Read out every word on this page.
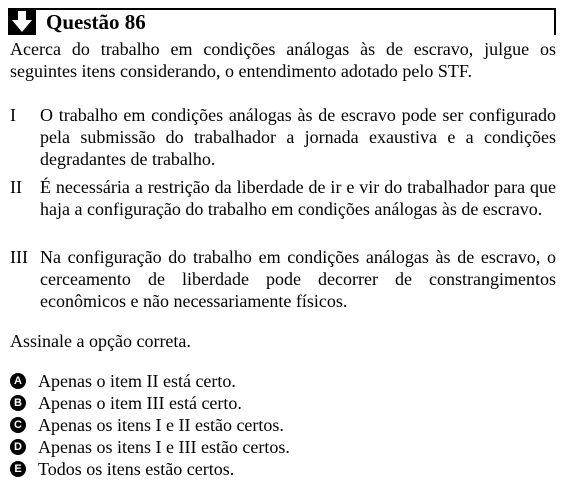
Questão 86
Acerca do trabalho em condições análogas às de escravo, julgue os seguintes itens considerando, o entendimento adotado pelo STF.
I O trabalho em condições análogas às de escravo pode ser configurado pela submissão do trabalhador a jornada exaustiva e a condições degradantes de trabalho.
II É necessária a restrição da liberdade de ir e vir do trabalhador para que haja a configuração do trabalho em condições análogas às de escravo.
III Na configuração do trabalho em condições análogas às de escravo, o cerceamento de liberdade pode decorrer de constrangimentos econômicos e não necessariamente físicos.
Assinale a opção correta.
A Apenas o item II está certo.
B Apenas o item III está certo.
C Apenas os itens I e II estão certos.
D Apenas os itens I e III estão certos.
E Todos os itens estão certos.
